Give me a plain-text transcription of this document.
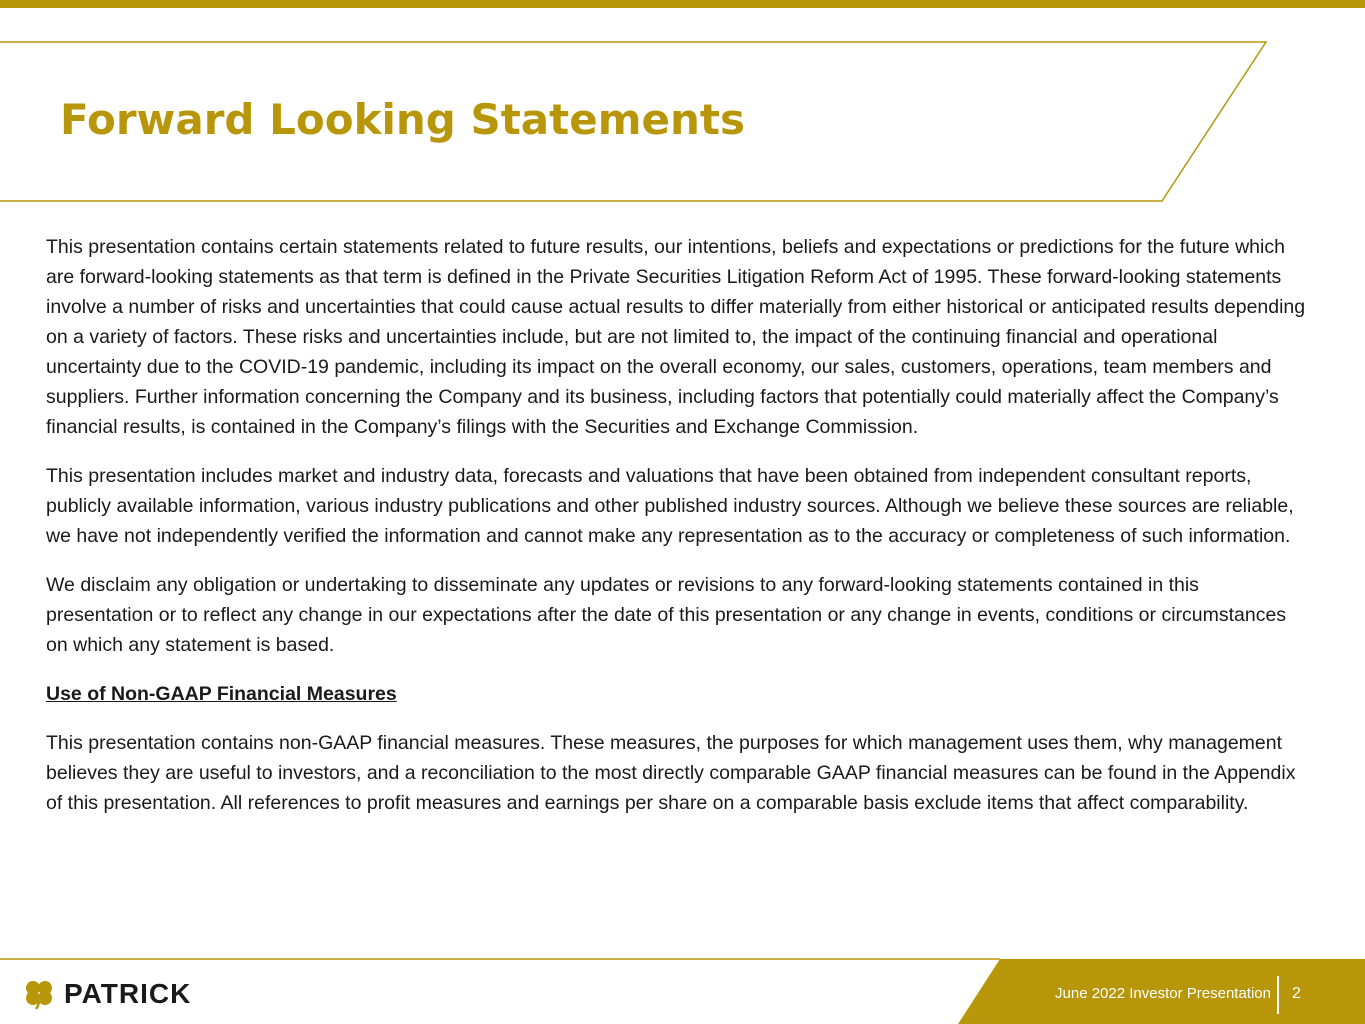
Forward Looking Statements

This presentation contains certain statements related to future results, our intentions, beliefs and expectations or predictions for the future which are forward-looking statements as that term is defined in the Private Securities Litigation Reform Act of 1995. These forward-looking statements involve a number of risks and uncertainties that could cause actual results to differ materially from either historical or anticipated results depending on a variety of factors. These risks and uncertainties include, but are not limited to, the impact of the continuing financial and operational uncertainty due to the COVID-19 pandemic, including its impact on the overall economy, our sales, customers, operations, team members and suppliers. Further information concerning the Company and its business, including factors that potentially could materially affect the Company’s financial results, is contained in the Company’s filings with the Securities and Exchange Commission.

This presentation includes market and industry data, forecasts and valuations that have been obtained from independent consultant reports, publicly available information, various industry publications and other published industry sources. Although we believe these sources are reliable, we have not independently verified the information and cannot make any representation as to the accuracy or completeness of such information.

We disclaim any obligation or undertaking to disseminate any updates or revisions to any forward-looking statements contained in this presentation or to reflect any change in our expectations after the date of this presentation or any change in events, conditions or circumstances on which any statement is based.

Use of Non-GAAP Financial Measures

This presentation contains non-GAAP financial measures. These measures, the purposes for which management uses them, why management believes they are useful to investors, and a reconciliation to the most directly comparable GAAP financial measures can be found in the Appendix of this presentation. All references to profit measures and earnings per share on a comparable basis exclude items that affect comparability.

PATRICK	June 2022 Investor Presentation 2
